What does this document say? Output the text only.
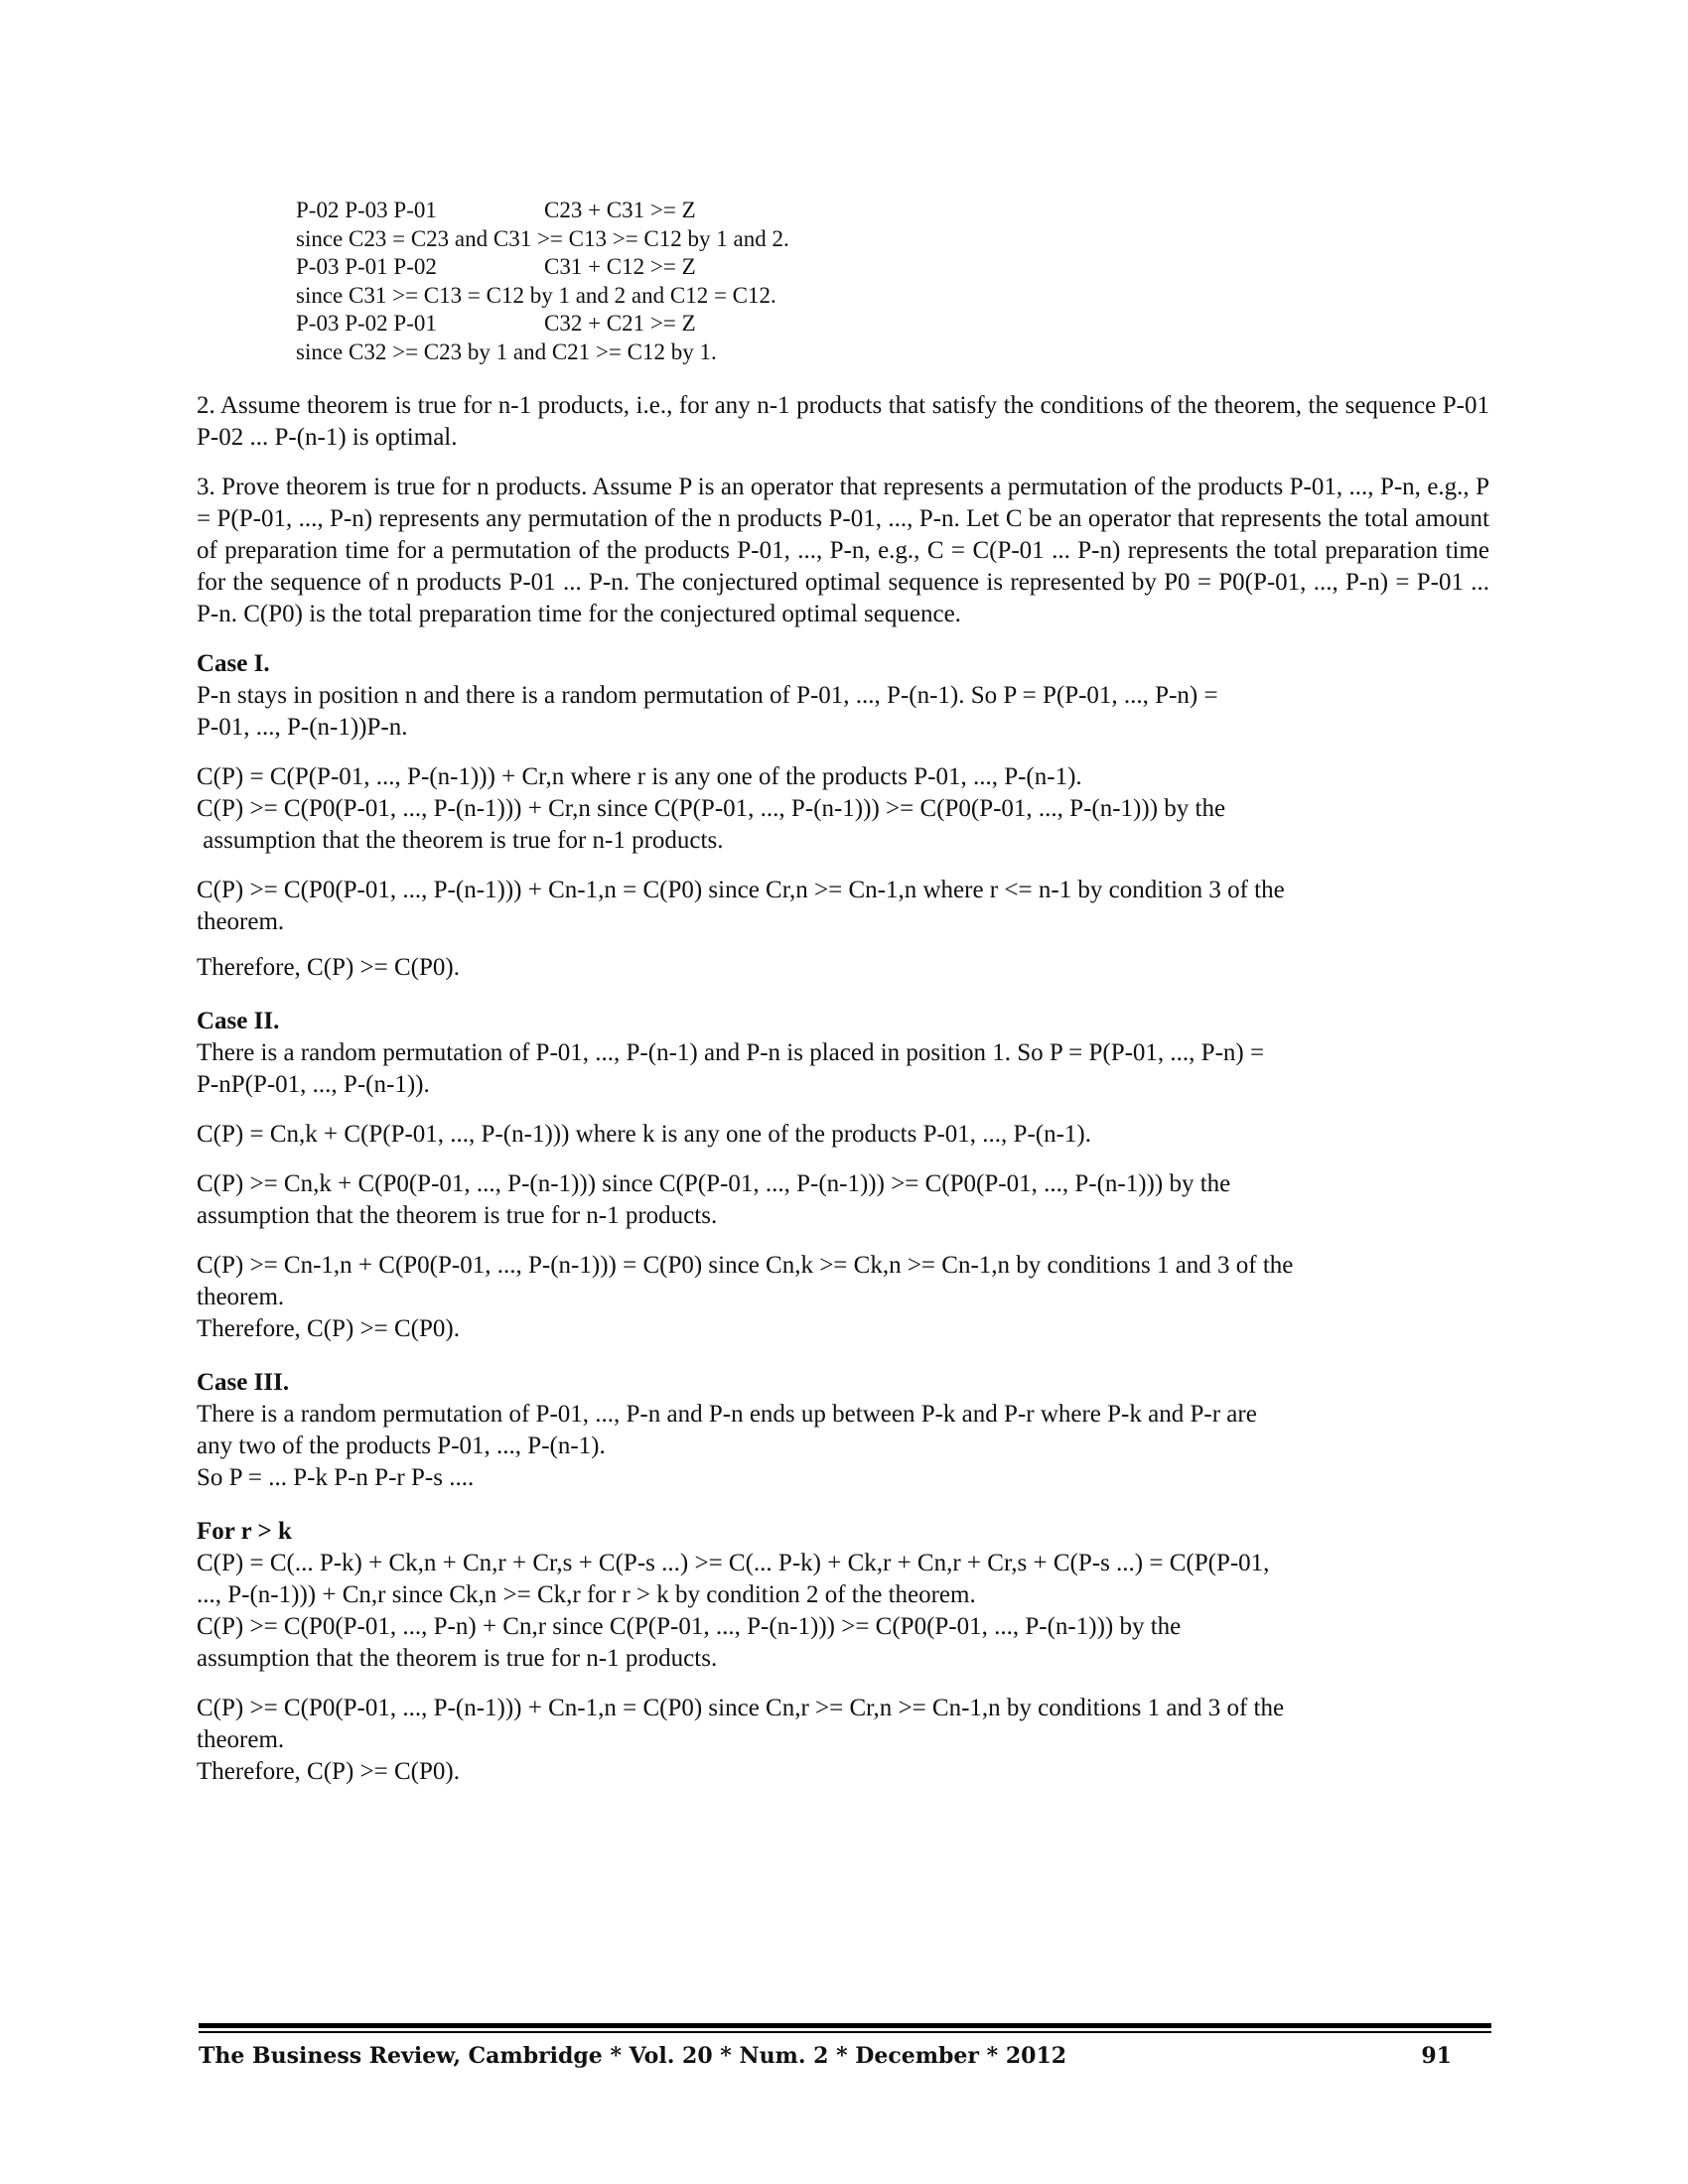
P-02 P-03 P-01	C23 + C31 >= Z
since C23 = C23 and C31 >= C13 >= C12 by 1 and 2.
P-03 P-01 P-02	C31 + C12 >= Z
since C31 >= C13 = C12 by 1 and 2 and C12 = C12.
P-03 P-02 P-01	C32 + C21 >= Z
since C32 >= C23 by 1 and C21 >= C12 by 1.

2. Assume theorem is true for n-1 products, i.e., for any n-1 products that satisfy the conditions of the theorem, the sequence P-01 P-02 ... P-(n-1) is optimal.

3. Prove theorem is true for n products. Assume P is an operator that represents a permutation of the products P-01, ..., P-n, e.g., P = P(P-01, ..., P-n) represents any permutation of the n products P-01, ..., P-n. Let C be an operator that represents the total amount of preparation time for a permutation of the products P-01, ..., P-n, e.g., C = C(P-01 ... P-n) represents the total preparation time for the sequence of n products P-01 ... P-n. The conjectured optimal sequence is represented by P0 = P0(P-01, ..., P-n) = P-01 ... P-n. C(P0) is the total preparation time for the conjectured optimal sequence.

Case I.

P-n stays in position n and there is a random permutation of P-01, ..., P-(n-1). So P = P(P-01, ..., P-n) =
P-01, ..., P-(n-1))P-n.

C(P) = C(P(P-01, ..., P-(n-1))) + Cr,n where r is any one of the products P-01, ..., P-(n-1).
C(P) >= C(P0(P-01, ..., P-(n-1))) + Cr,n since C(P(P-01, ..., P-(n-1))) >= C(P0(P-01, ..., P-(n-1))) by the
assumption that the theorem is true for n-1 products.

C(P) >= C(P0(P-01, ..., P-(n-1))) + Cn-1,n = C(P0) since Cr,n >= Cn-1,n where r <= n-1 by condition 3 of the
theorem.

Therefore, C(P) >= C(P0).

Case II.

There is a random permutation of P-01, ..., P-(n-1) and P-n is placed in position 1. So P = P(P-01, ..., P-n) =
P-nP(P-01, ..., P-(n-1)).

C(P) = Cn,k + C(P(P-01, ..., P-(n-1))) where k is any one of the products P-01, ..., P-(n-1).

C(P) >= Cn,k + C(P0(P-01, ..., P-(n-1))) since C(P(P-01, ..., P-(n-1))) >= C(P0(P-01, ..., P-(n-1))) by the
assumption that the theorem is true for n-1 products.

C(P) >= Cn-1,n + C(P0(P-01, ..., P-(n-1))) = C(P0) since Cn,k >= Ck,n >= Cn-1,n by conditions 1 and 3 of the
theorem.
Therefore, C(P) >= C(P0).

Case III.

There is a random permutation of P-01, ..., P-n and P-n ends up between P-k and P-r where P-k and P-r are
any two of the products P-01, ..., P-(n-1).
So P = ... P-k P-n P-r P-s ....

For r > k

C(P) = C(... P-k) + Ck,n + Cn,r + Cr,s + C(P-s ...) >= C(... P-k) + Ck,r + Cn,r + Cr,s + C(P-s ...) = C(P(P-01,
..., P-(n-1))) + Cn,r since Ck,n >= Ck,r for r > k by condition 2 of the theorem.
C(P) >= C(P0(P-01, ..., P-n) + Cn,r since C(P(P-01, ..., P-(n-1))) >= C(P0(P-01, ..., P-(n-1))) by the
assumption that the theorem is true for n-1 products.

C(P) >= C(P0(P-01, ..., P-(n-1))) + Cn-1,n = C(P0) since Cn,r >= Cr,n >= Cn-1,n by conditions 1 and 3 of the
theorem.
Therefore, C(P) >= C(P0).

The Business Review, Cambridge * Vol. 20 * Num. 2 * December * 2012	91
